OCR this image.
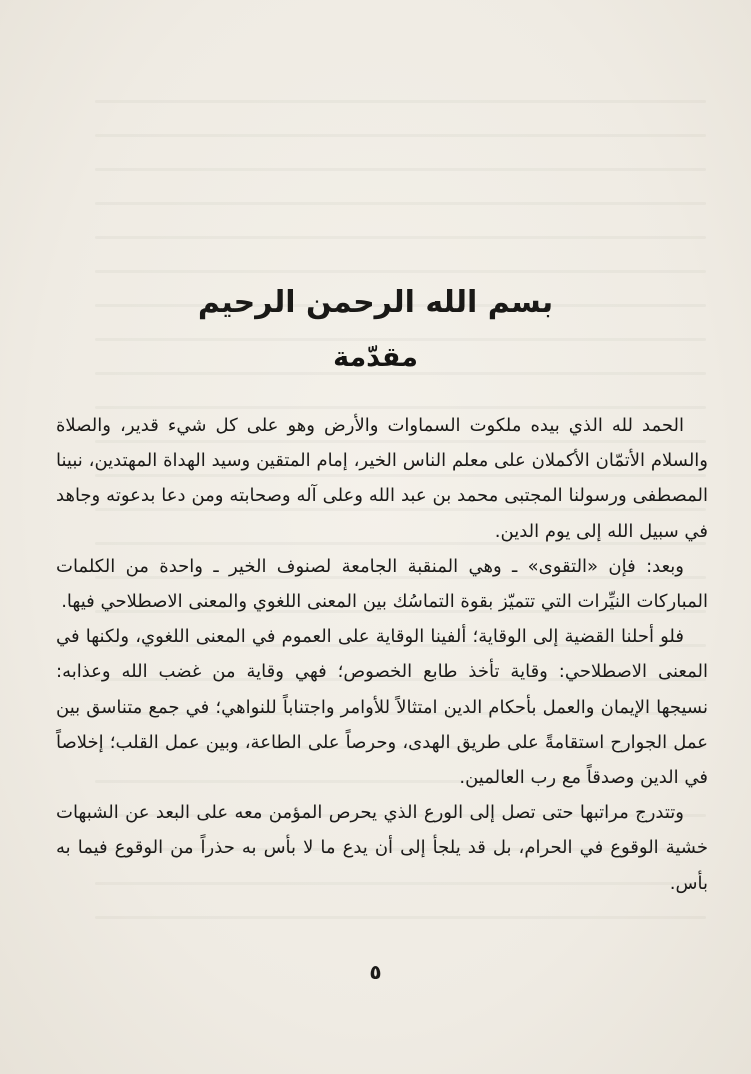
بسم الله الرحمن الرحيم
مقدّمة

الحمد لله الذي بيده ملكوت السماوات والأرض وهو على كل شيء قدير، والصلاة والسلام الأتمّان الأكملان على معلم الناس الخير، إمام المتقين وسيد الهداة المهتدين، نبينا المصطفى ورسولنا المجتبى محمد بن عبد الله وعلى آله وصحابته ومن دعا بدعوته وجاهد في سبيل الله إلى يوم الدين.

وبعد: فإن «التقوى» ـ وهي المنقبة الجامعة لصنوف الخير ـ واحدة من الكلمات المباركات النيِّرات التي تتميّز بقوة التماسُك بين المعنى اللغوي والمعنى الاصطلاحي فيها.

فلو أحلنا القضية إلى الوقاية؛ ألفينا الوقاية على العموم في المعنى اللغوي، ولكنها في المعنى الاصطلاحي: وقاية تأخذ طابع الخصوص؛ فهي وقاية من غضب الله وعذابه: نسيجها الإيمان والعمل بأحكام الدين امتثالاً للأوامر واجتناباً للنواهي؛ في جمع متناسق بين عمل الجوارح استقامةً على طريق الهدى، وحرصاً على الطاعة، وبين عمل القلب؛ إخلاصاً في الدين وصدقاً مع رب العالمين.

وتتدرج مراتبها حتى تصل إلى الورع الذي يحرص المؤمن معه على البعد عن الشبهات خشية الوقوع في الحرام، بل قد يلجأ إلى أن يدع ما لا بأس به حذراً من الوقوع فيما به بأس.

٥
